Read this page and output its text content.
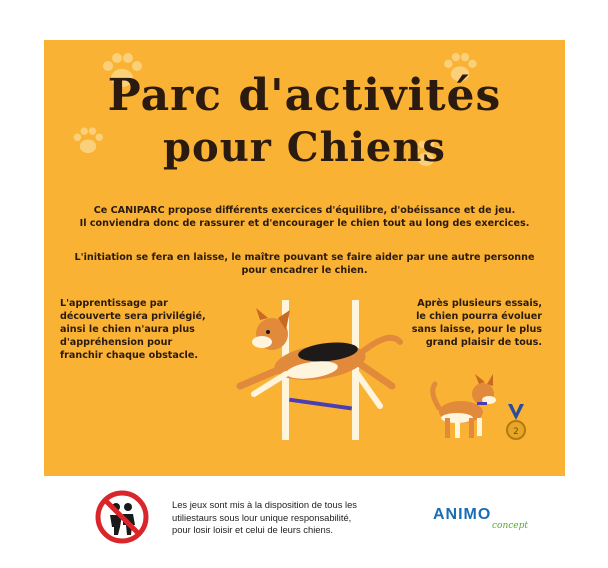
Parc d'activités
pour Chiens
Ce CANIPARC propose différents exercices d'équilibre, d'obéissance et de jeu.
Il conviendra donc de rassurer et d'encourager le chien tout au long des exercices.
L'initiation se fera en laisse, le maître pouvant se faire aider par une autre personne
pour encadrer le chien.
L'apprentissage par
découverte sera privilégié,
ainsi le chien n'aura plus
d'appréhension pour
franchir chaque obstacle.
Après plusieurs essais,
le chien pourra évoluer
sans laisse, pour le plus
grand plaisir de tous.
2
Les jeux sont mis à la disposition de tous les
utiliestaurs sous lour unique responsabilité,
pour losir loisir et celui de leurs chiens.
ANIMO
concept
